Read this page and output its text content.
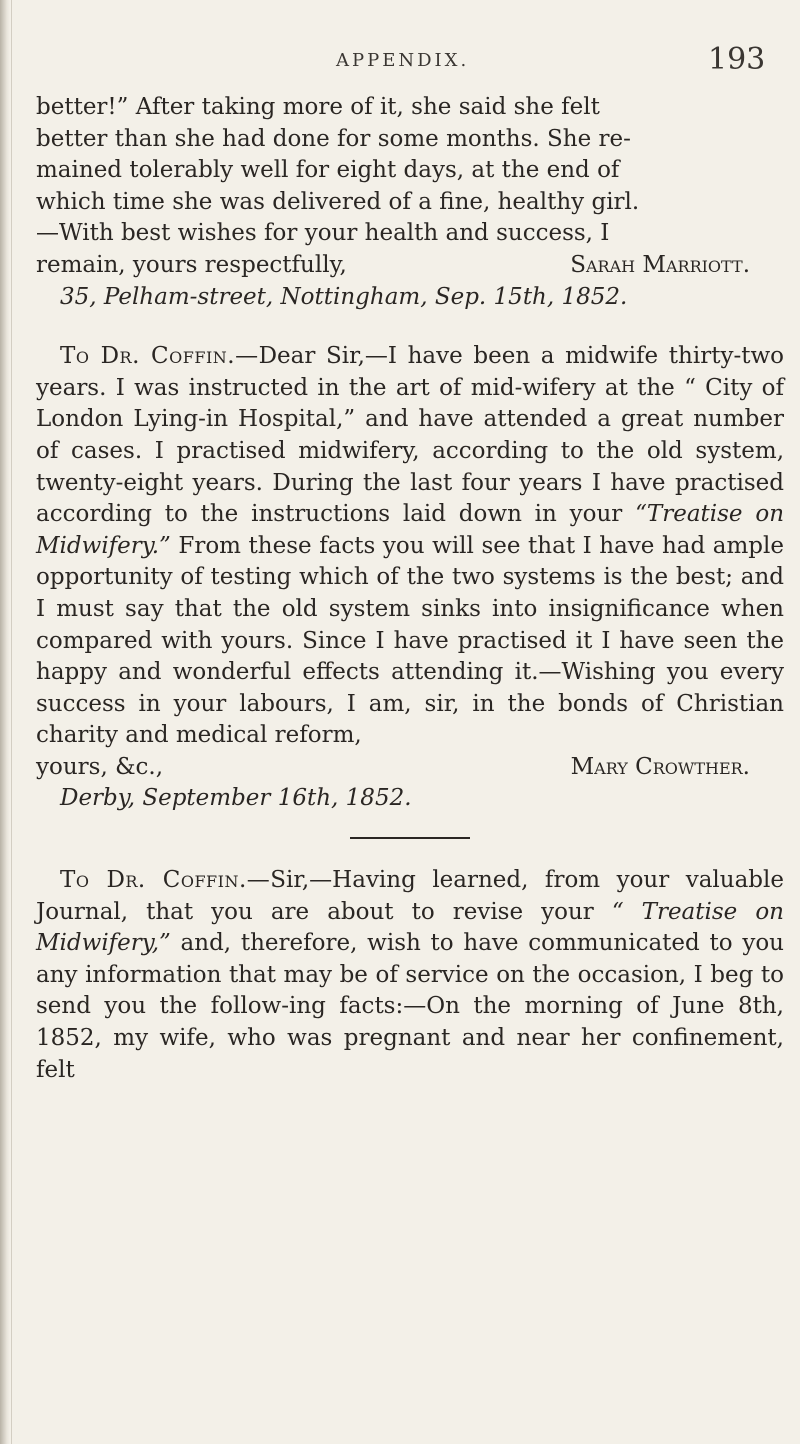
APPENDIX.	193

better!” After taking more of it, she said she felt

better than she had done for some months. She re-

mained tolerably well for eight days, at the end of

which time she was delivered of a fine, healthy girl.

—With best wishes for your health and success, I

remain, yours respectfully,	Sarah Marriott.

35, Pelham-street, Nottingham, Sep. 15th, 1852.

To Dr. Coffin.—Dear Sir,—I have been a midwife thirty-two years. I was instructed in the art of mid-wifery at the “ City of London Lying-in Hospital,” and have attended a great number of cases. I practised midwifery, according to the old system, twenty-eight years. During the last four years I have practised according to the instructions laid down in your “Treatise on Midwifery.” From these facts you will see that I have had ample opportunity of testing which of the two systems is the best; and I must say that the old system sinks into insignificance when compared with yours. Since I have practised it I have seen the happy and wonderful effects attending it.—Wishing you every success in your labours, I am, sir, in the bonds of Christian charity and medical reform,

yours, &c.,	Mary Crowther.

Derby, September 16th, 1852.

To Dr. Coffin.—Sir,—Having learned, from your valuable Journal, that you are about to revise your “ Treatise on Midwifery,” and, therefore, wish to have communicated to you any information that may be of service on the occasion, I beg to send you the follow-ing facts:—On the morning of June 8th, 1852, my wife, who was pregnant and near her confinement, felt
